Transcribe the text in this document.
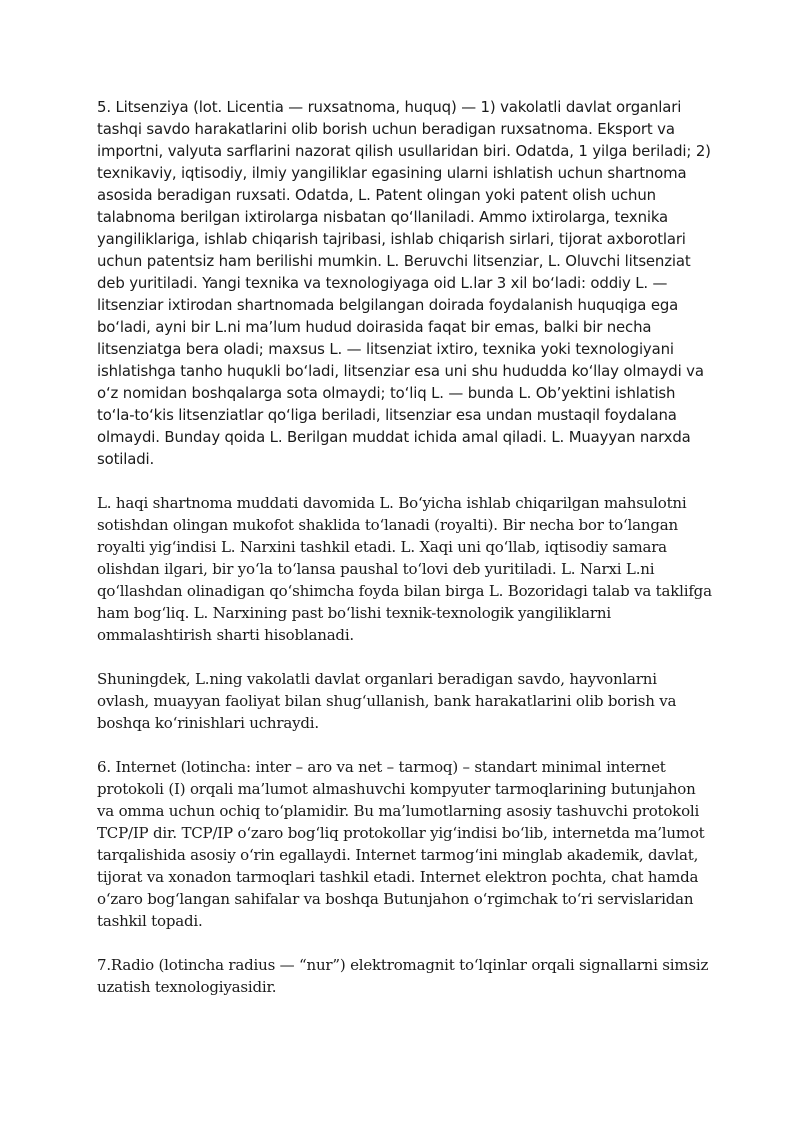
5. Litsenziya (lot. Licentia — ruxsatnoma, huquq) — 1) vakolatli davlat organlari tashqi savdo harakatlarini olib borish uchun beradigan ruxsatnoma. Eksport va importni, valyuta sarflarini nazorat qilish usullaridan biri. Odatda, 1 yilga beriladi; 2) texnikaviy, iqtisodiy, ilmiy yangiliklar egasining ularni ishlatish uchun shartnoma asosida beradigan ruxsati. Odatda, L. Patent olingan yoki patent olish uchun talabnoma berilgan ixtirolarga nisbatan qo‘llaniladi. Ammo ixtirolarga, texnika yangiliklariga, ishlab chiqarish tajribasi, ishlab chiqarish sirlari, tijorat axborotlari uchun patentsiz ham berilishi mumkin. L. Beruvchi litsenziar, L. Oluvchi litsenziat deb yuritiladi. Yangi texnika va texnologiyaga oid L.lar 3 xil bo‘ladi: oddiy L. — litsenziar ixtirodan shartnomada belgilangan doirada foydalanish huquqiga ega bo‘ladi, ayni bir L.ni ma’lum hudud doirasida faqat bir emas, balki bir necha litsenziatga bera oladi; maxsus L. — litsenziat ixtiro, texnika yoki texnologiyani ishlatishga tanho huqukli bo‘ladi, litsenziar esa uni shu hududda ko‘llay olmaydi va o‘z nomidan boshqalarga sota olmaydi; to‘liq L. — bunda L. Ob’yektini ishlatish to‘la-to‘kis litsenziatlar qo‘liga beriladi, litsenziar esa undan mustaqil foydalana olmaydi. Bunday qoida L. Berilgan muddat ichida amal qiladi. L. Muayyan narxda sotiladi.

L. haqi shartnoma muddati davomida L. Bo‘yicha ishlab chiqarilgan mahsulotni sotishdan olingan mukofot shaklida to‘lanadi (royalti). Bir necha bor to‘langan royalti yig‘indisi L. Narxini tashkil etadi. L. Xaqi uni qo‘llab, iqtisodiy samara olishdan ilgari, bir yo‘la to‘lansa paushal to‘lovi deb yuritiladi. L. Narxi L.ni qo‘llashdan olinadigan qo‘shimcha foyda bilan birga L. Bozoridagi talab va taklifga ham bog‘liq. L. Narxining past bo‘lishi texnik-texnologik yangiliklarni ommalashtirish sharti hisoblanadi.

Shuningdek, L.ning vakolatli davlat organlari beradigan savdo, hayvonlarni ovlash, muayyan faoliyat bilan shug‘ullanish, bank harakatlarini olib borish va boshqa ko‘rinishlari uchraydi.

6. Internet (lotincha: inter – aro va net – tarmoq) – standart minimal internet protokoli (I) orqali ma’lumot almashuvchi kompyuter tarmoqlarining butunjahon va omma uchun ochiq to‘plamidir. Bu ma’lumotlarning asosiy tashuvchi protokoli TCP/IP dir. TCP/IP o‘zaro bog‘liq protokollar yig‘indisi bo‘lib, internetda ma’lumot tarqalishida asosiy o‘rin egallaydi. Internet tarmog‘ini minglab akademik, davlat, tijorat va xonadon tarmoqlari tashkil etadi. Internet elektron pochta, chat hamda o‘zaro bog‘langan sahifalar va boshqa Butunjahon o‘rgimchak to‘ri servislaridan tashkil topadi.

7.Radio (lotincha radius — “nur”) elektromagnit to‘lqinlar orqali signallarni simsiz uzatish texnologiyasidir.
